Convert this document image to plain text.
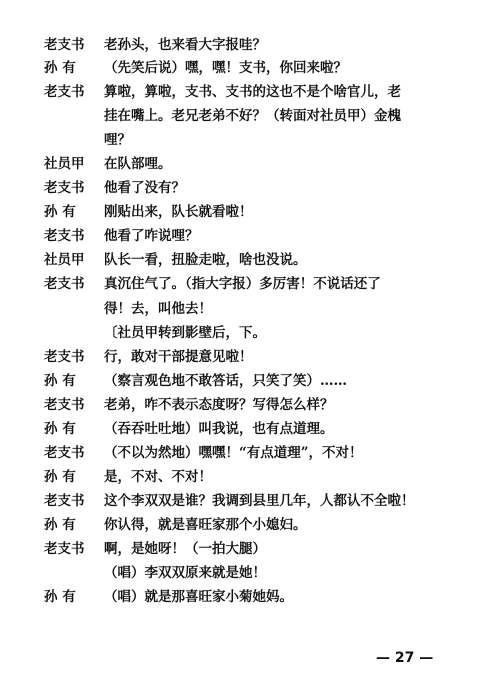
老支书	老孙头，也来看大字报哇？
孙 有	（先笑后说）嘿，嘿！支书，你回来啦？
老支书	算啦，算啦，支书、支书的这也不是个啥官儿，老
挂在嘴上。老兄老弟不好？（转面对社员甲）金槐
哩？
社员甲	在队部哩。
老支书	他看了没有？
孙 有	刚贴出来，队长就看啦！
老支书	他看了咋说哩？
社员甲	队长一看，扭脸走啦，啥也没说。
老支书	真沉住气了。（指大字报）多厉害！不说话还了
得！去，叫他去！
〔社员甲转到影壁后，下。
老支书	行，敢对干部提意见啦！
孙 有	（察言观色地不敢答话，只笑了笑）……
老支书	老弟，咋不表示态度呀？写得怎么样？
孙 有	（吞吞吐吐地）叫我说，也有点道理。
老支书	（不以为然地）嘿嘿！“有点道理”，不对！
孙 有	是，不对、不对！
老支书	这个李双双是谁？我调到县里几年，人都认不全啦！
孙 有	你认得，就是喜旺家那个小媳妇。
老支书	啊，是她呀！（一拍大腿）
（唱）李双双原来就是她！
孙 有	（唱）就是那喜旺家小菊她妈。
— 27 —
